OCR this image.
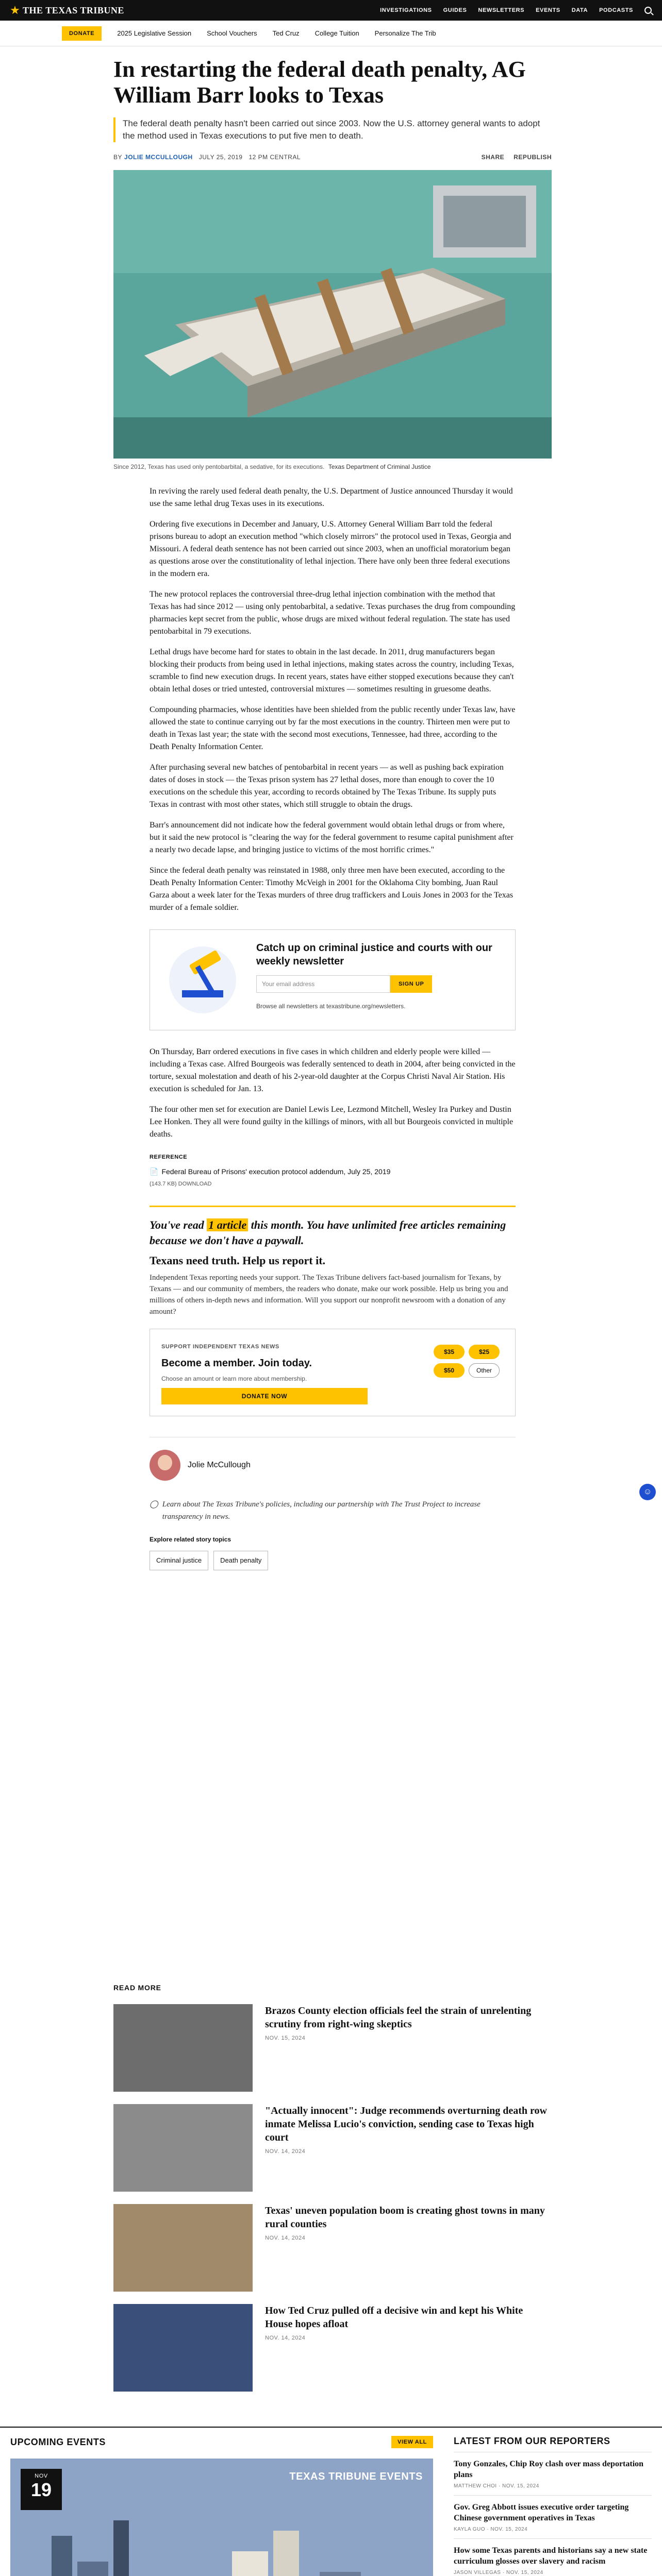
THE TEXAS TRIBUNE	INVESTIGATIONS GUIDES NEWSLETTERS EVENTS DATA PODCASTS
DONATE	2025 Legislative Session School Vouchers Ted Cruz College Tuition Personalize The Trib
In restarting the federal death penalty, AG William Barr looks to Texas
The federal death penalty hasn't been carried out since 2003. Now the U.S. attorney general wants to adopt the method used in Texas executions to put five men to death.
BY JOLIE MCCULLOUGH JULY 25, 2019 12 PM CENTRAL	SHARE REPUBLISH
Since 2012, Texas has used only pentobarbital, a sedative, for its executions. Texas Department of Criminal Justice

In reviving the rarely used federal death penalty, the U.S. Department of Justice announced Thursday it would use the same lethal drug Texas uses in its executions.

Ordering five executions in December and January, U.S. Attorney General William Barr told the federal prisons bureau to adopt an execution method "which closely mirrors" the protocol used in Texas, Georgia and Missouri. A federal death sentence has not been carried out since 2003, when an unofficial moratorium began as questions arose over the constitutionality of lethal injection. There have only been three federal executions in the modern era.

The new protocol replaces the controversial three-drug lethal injection combination with the method that Texas has had since 2012 — using only pentobarbital, a sedative. Texas purchases the drug from compounding pharmacies kept secret from the public, whose drugs are mixed without federal regulation. The state has used pentobarbital in 79 executions.

Lethal drugs have become hard for states to obtain in the last decade. In 2011, drug manufacturers began blocking their products from being used in lethal injections, making states across the country, including Texas, scramble to find new execution drugs. In recent years, states have either stopped executions because they can't obtain lethal doses or tried untested, controversial mixtures — sometimes resulting in gruesome deaths.

Compounding pharmacies, whose identities have been shielded from the public recently under Texas law, have allowed the state to continue carrying out by far the most executions in the country. Thirteen men were put to death in Texas last year; the state with the second most executions, Tennessee, had three, according to the Death Penalty Information Center.

After purchasing several new batches of pentobarbital in recent years — as well as pushing back expiration dates of doses in stock — the Texas prison system has 27 lethal doses, more than enough to cover the 10 executions on the schedule this year, according to records obtained by The Texas Tribune. Its supply puts Texas in contrast with most other states, which still struggle to obtain the drugs.

Barr's announcement did not indicate how the federal government would obtain lethal drugs or from where, but it said the new protocol is "clearing the way for the federal government to resume capital punishment after a nearly two decade lapse, and bringing justice to victims of the most horrific crimes."

Since the federal death penalty was reinstated in 1988, only three men have been executed, according to the Death Penalty Information Center: Timothy McVeigh in 2001 for the Oklahoma City bombing, Juan Raul Garza about a week later for the Texas murders of three drug traffickers and Louis Jones in 2003 for the Texas murder of a female soldier.

Catch up on criminal justice and courts with our weekly newsletter
Your email address	SIGN UP
Browse all newsletters at texastribune.org/newsletters.

On Thursday, Barr ordered executions in five cases in which children and elderly people were killed — including a Texas case. Alfred Bourgeois was federally sentenced to death in 2004, after being convicted in the torture, sexual molestation and death of his 2-year-old daughter at the Corpus Christi Naval Air Station. His execution is scheduled for Jan. 13.

The four other men set for execution are Daniel Lewis Lee, Lezmond Mitchell, Wesley Ira Purkey and Dustin Lee Honken. They all were found guilty in the killings of minors, with all but Bourgeois convicted in multiple deaths.

REFERENCE
📄 Federal Bureau of Prisons' execution protocol addendum, July 25, 2019
(143.7 KB) DOWNLOAD
You've read 1 article this month. You have unlimited free articles remaining because we don't have a paywall.
Texans need truth. Help us report it.
Independent Texas reporting needs your support. The Texas Tribune delivers fact-based journalism for Texans, by Texans — and our community of members, the readers who donate, make our work possible. Help us bring you and millions of others in-depth news and information. Will you support our nonprofit newsroom with a donation of any amount?
SUPPORT INDEPENDENT TEXAS NEWS
Become a member. Join today.
Choose an amount or learn more about membership.
$35	$25
$50	Other
DONATE NOW
Jolie McCullough
◯ Learn about The Texas Tribune's policies, including our partnership with The Trust Project to increase transparency in news.
Explore related story topics
Criminal justice	Death penalty
READ MORE
Brazos County election officials feel the strain of unrelenting scrutiny from right-wing skeptics
NOV. 15, 2024
"Actually innocent": Judge recommends overturning death row inmate Melissa Lucio's conviction, sending case to Texas high court
NOV. 14, 2024
Texas' uneven population boom is creating ghost towns in many rural counties
NOV. 14, 2024
How Ted Cruz pulled off a decisive win and kept his White House hopes afloat
NOV. 14, 2024
UPCOMING EVENTS	VIEW ALL
NOV
19
TEXAS TRIBUNE EVENTS
LATEST FROM OUR REPORTERS
Tony Gonzales, Chip Roy clash over mass deportation plans
MATTHEW CHOI · NOV. 15, 2024
Gov. Greg Abbott issues executive order targeting Chinese government operatives in Texas
KAYLA GUO · NOV. 15, 2024
How some Texas parents and historians say a new state curriculum glosses over slavery and racism
JASON VILLEGAS · NOV. 15, 2024
☺
